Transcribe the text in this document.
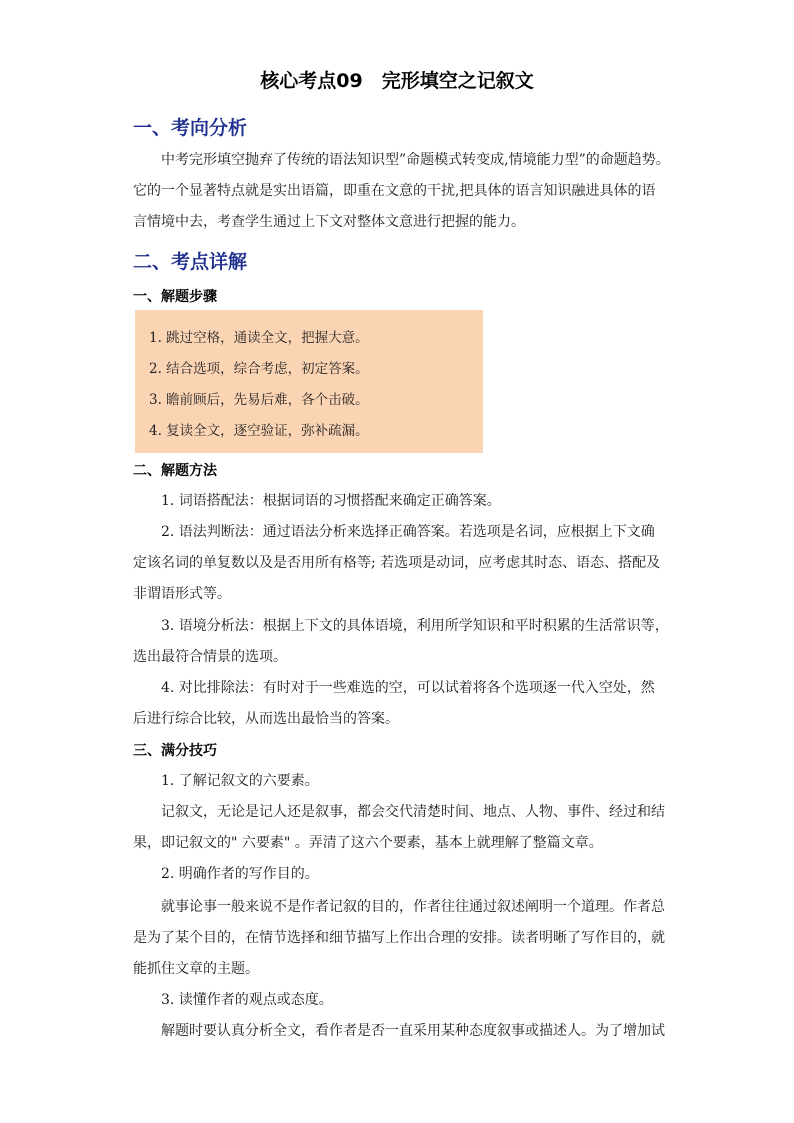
核心考点09　完形填空之记叙文
一、考向分析
中考完形填空抛弃了传统的语法知识型”命题模式转变成,情境能力型”的命题趋势。
它的一个显著特点就是实出语篇，即重在文意的干扰,把具体的语言知识融进具体的语
言情境中去，考查学生通过上下文对整体文意进行把握的能力。
二、考点详解
一、解题步骤
1. 跳过空格，通读全文，把握大意。
2. 结合选项，综合考虑，初定答案。
3. 瞻前顾后，先易后难，各个击破。
4. 复读全文，逐空验证，弥补疏漏。
二、解题方法
1. 词语搭配法：根据词语的习惯搭配来确定正确答案。
2. 语法判断法：通过语法分析来选择正确答案。若选项是名词，应根据上下文确
定该名词的单复数以及是否用所有格等; 若选项是动词，应考虑其时态、语态、搭配及
非谓语形式等。
3. 语境分析法：根据上下文的具体语境，利用所学知识和平时积累的生活常识等，
选出最符合情景的选项。
4. 对比排除法：有时对于一些难选的空，可以试着将各个选项逐一代入空处，然
后进行综合比较，从而选出最恰当的答案。
三、满分技巧
1. 了解记叙文的六要素。
记叙文，无论是记人还是叙事，都会交代清楚时间、地点、人物、事件、经过和结
果，即记叙文的" 六要素" 。弄清了这六个要素，基本上就理解了整篇文章。
2. 明确作者的写作目的。
就事论事一般来说不是作者记叙的目的，作者往往通过叙述阐明一个道理。作者总
是为了某个目的，在情节选择和细节描写上作出合理的安排。读者明晰了写作目的，就
能抓住文章的主题。
3. 读懂作者的观点或态度。
解题时要认真分析全文，看作者是否一直采用某种态度叙事或描述人。为了增加试
